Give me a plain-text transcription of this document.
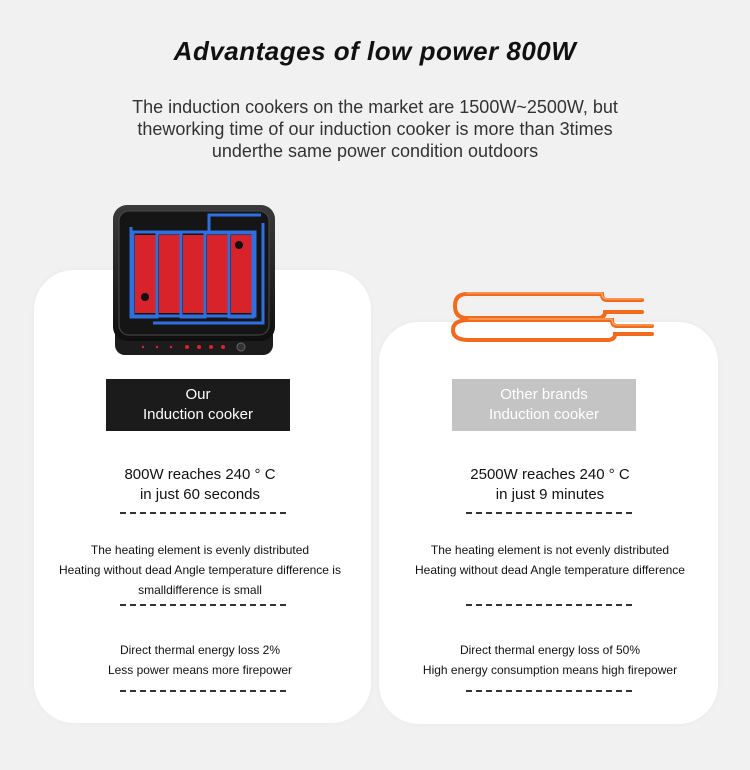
Advantages of low power 800W
The induction cookers on the market are 1500W~2500W, but
theworking time of our induction cooker is more than 3times
underthe same power condition outdoors
Our
Induction cooker
Other brands
Induction cooker
800W reaches 240 ° C
in just 60 seconds
The heating element is evenly distributed
Heating without dead Angle temperature difference is
smalldifference is small
Direct thermal energy loss 2%
Less power means more firepower
2500W reaches 240 ° C
in just 9 minutes
The heating element is not evenly distributed
Heating without dead Angle temperature difference
Direct thermal energy loss of 50%
High energy consumption means high firepower
